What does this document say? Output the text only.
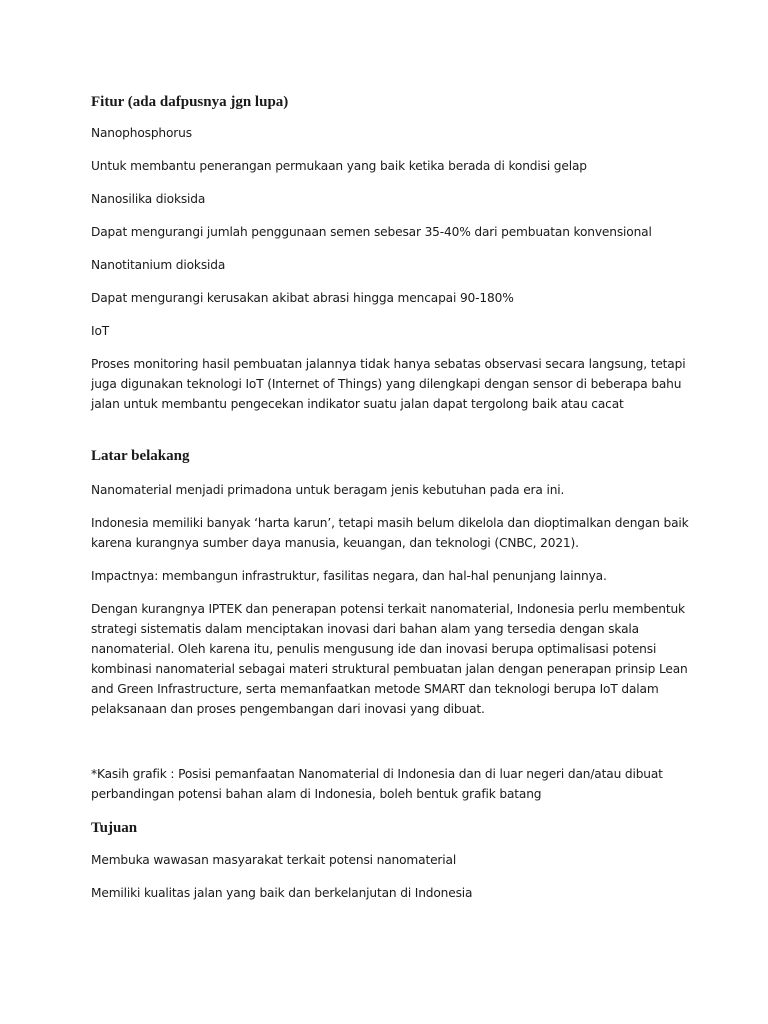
Fitur (ada dafpusnya jgn lupa)

Nanophosphorus

Untuk membantu penerangan permukaan yang baik ketika berada di kondisi gelap

Nanosilika dioksida

Dapat mengurangi jumlah penggunaan semen sebesar 35-40% dari pembuatan konvensional

Nanotitanium dioksida

Dapat mengurangi kerusakan akibat abrasi hingga mencapai 90-180%

IoT

Proses monitoring hasil pembuatan jalannya tidak hanya sebatas observasi secara langsung, tetapi juga digunakan teknologi IoT (Internet of Things) yang dilengkapi dengan sensor di beberapa bahu jalan untuk membantu pengecekan indikator suatu jalan dapat tergolong baik atau cacat

Latar belakang

Nanomaterial menjadi primadona untuk beragam jenis kebutuhan pada era ini.

Indonesia memiliki banyak ‘harta karun’, tetapi masih belum dikelola dan dioptimalkan dengan baik karena kurangnya sumber daya manusia, keuangan, dan teknologi (CNBC, 2021).

Impactnya: membangun infrastruktur, fasilitas negara, dan hal-hal penunjang lainnya.

Dengan kurangnya IPTEK dan penerapan potensi terkait nanomaterial, Indonesia perlu membentuk strategi sistematis dalam menciptakan inovasi dari bahan alam yang tersedia dengan skala nanomaterial. Oleh karena itu, penulis mengusung ide dan inovasi berupa optimalisasi potensi kombinasi nanomaterial sebagai materi struktural pembuatan jalan dengan penerapan prinsip Lean and Green Infrastructure, serta memanfaatkan metode SMART dan teknologi berupa IoT dalam pelaksanaan dan proses pengembangan dari inovasi yang dibuat.

*Kasih grafik : Posisi pemanfaatan Nanomaterial di Indonesia dan di luar negeri dan/atau dibuat perbandingan potensi bahan alam di Indonesia, boleh bentuk grafik batang

Tujuan

Membuka wawasan masyarakat terkait potensi nanomaterial

Memiliki kualitas jalan yang baik dan berkelanjutan di Indonesia
